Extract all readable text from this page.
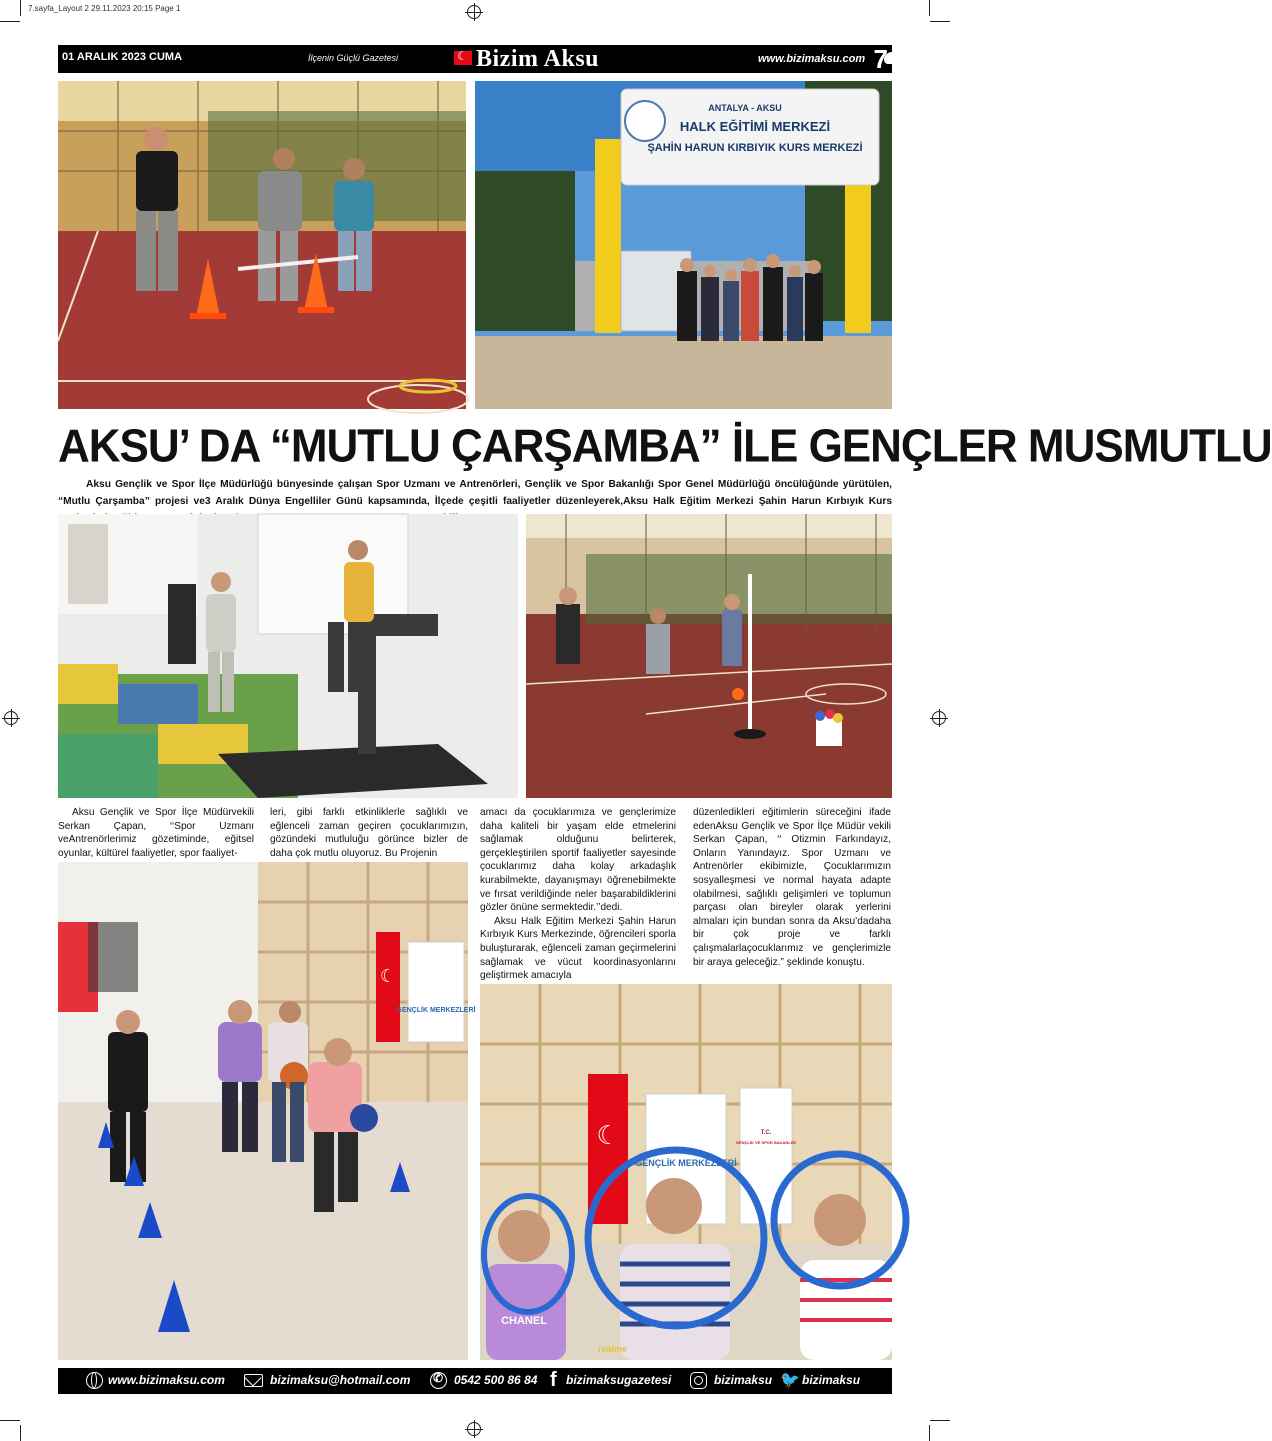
7.sayfa_Layout 2 29.11.2023 20:15 Page 1
01 ARALIK 2023 CUMA	İlçenin Güçlü Gazetesi ☾	Bizim Aksu	www.bizimaksu.com 7
ANTALYA - AKSU
HALK EĞİTİMİ MERKEZİ
ŞAHİN HARUN KIRBIYIK KURS MERKEZİ
AKSU’ DA “MUTLU ÇARŞAMBA” İLE GENÇLER MUSMUTLU
Aksu Gençlik ve Spor İlçe Müdürlüğü bünyesinde çalışan Spor Uzmanı ve Antrenörleri, Gençlik ve Spor Bakanlığı Spor Genel Müdürlüğü öncülüğünde yürütülen, “Mutlu Çarşamba” projesi ve3 Aralık Dünya Engelliler Günü kapsamında, İlçede çeşitli faaliyetler düzenleyerek,Aksu Halk Eğitim Merkezi Şahin Harun Kırbıyık Kurs

Aksu Gençlik ve Spor İlçe Müdürvekili Serkan Çapan, ‘‘Spor Uzmanı veAntrenörlerimiz gözetiminde, eğitsel oyunlar, kültürel faaliyetler, spor faaliyet-

leri, gibi farklı etkinliklerle sağlıklı ve eğlenceli zaman geçiren çocuklarımızın, gözündeki mutluluğu görünce bizler de daha çok mutlu oluyoruz. Bu Projenin

amacı da çocuklarımıza ve gençlerimize daha kaliteli bir yaşam elde etmelerini sağlamak olduğunu belirterek, gerçekleştirilen sportif faaliyetler sayesinde çocuklarımız daha kolay arkadaşlık kurabilmekte, dayanışmayı öğrenebilmekte ve fırsat verildiğinde neler başarabildiklerini gözler önüne sermektedir.’’dedi.

Aksu Halk Eğitim Merkezi Şahin Harun Kırbıyık Kurs Merkezinde, öğrencileri sporla buluşturarak, eğlenceli zaman geçirmelerini sağlamak ve vücut koordinasyonlarını geliştirmek amacıyla

düzenledikleri eğitimlerin süreceğini ifade edenAksu Gençlik ve Spor İlçe Müdür vekili Serkan Çapan, ‘‘ Otizmin Farkındayız, Onların Yanındayız. Spor Uzmanı ve Antrenörler ekibimizle, Çocuklarımızın sosyalleşmesi ve normal hayata adapte olabilmesi, sağlıklı gelişimleri ve toplumun parçası olan bireyler olarak yerlerini almaları için bundan sonra da Aksu’dadaha bir çok proje ve farklı çalışmalarlaçocuklarımız ve gençlerimizle bir araya geleceğiz.” şeklinde konuştu.

☾
GENÇLİK MERKEZLERİ
☾
GENÇLİK MERKEZLERİ
T.C.
GENÇLİK VE SPOR BAKANLIĞI
CHANEL
realme
www.bizimaksu.com	bizimaksu@hotmail.com ✆	0542 500 86 84 f bizimaksugazetesi	bizimaksu 🐦 bizimaksu
